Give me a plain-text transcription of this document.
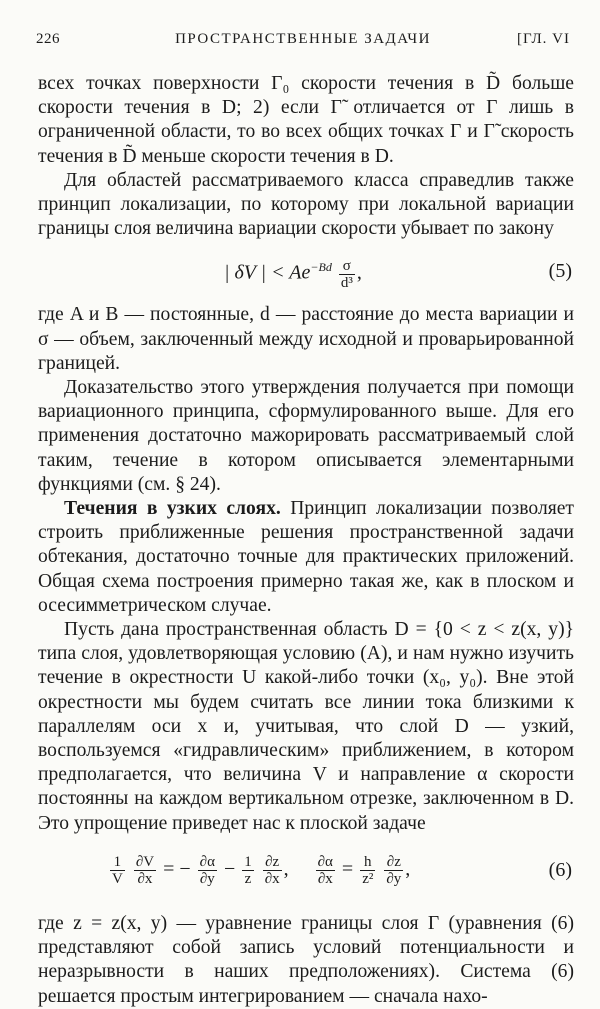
226	ПРОСТРАНСТВЕННЫЕ ЗАДАЧИ	[ГЛ. VI

всех точках поверхности Γ₀ скорости течения в D̃ больше скорости течения в D; 2) если Γ̃ отличается от Γ лишь в ограниченной области, то во всех общих точках Γ и Γ̃ скорость течения в D̃ меньше скорости течения в D.

Для областей рассматриваемого класса справедлив также принцип локализации, по которому при локальной вариации границы слоя величина вариации скорости убывает по закону

| δV | < $Ae^{-Bd} \frac{\sigma}{\text{d³}}$ ,	(5)

где A и B — постоянные, d — расстояние до места вариации и σ — объем, заключенный между исходной и проварьированной границей.

Доказательство этого утверждения получается при помощи вариационного принципа, сформулированного выше. Для его применения достаточно мажорировать рассматриваемый слой таким, течение в котором описывается элементарными функциями (см. § 24).

Течения в узких слоях. Принцип локализации позволяет строить приближенные решения пространственной задачи обтекания, достаточно точные для практических приложений. Общая схема построения примерно такая же, как в плоском и осесимметрическом случае.

Пусть дана пространственная область D = {0 < z < z(x, y)} типа слоя, удовлетворяющая условию (A), и нам нужно изучить течение в окрестности U какой-либо точки (x₀, y₀). Вне этой окрестности мы будем считать все линии тока близкими к параллелям оси x и, учитывая, что слой D — узкий, воспользуемся «гидравлическим» приближением, в котором предполагается, что величина V и направление α скорости постоянны на каждом вертикальном отрезке, заключенном в D. Это упрощение приведет нас к плоской задаче

$\frac{1}{V}$
$\frac{\partial V}{\partial x}$ = − $\frac{\partial\alpha}{\partial y} - \frac{1}{z}$
$\frac{\partial z}{\partial x}$ , $\frac{\partial\alpha}{\partial x} = \frac{h}{\text{z²}}$
$\frac{\partial z}{\partial y}$ ,	(6)

где z = z(x, y) — уравнение границы слоя Γ (уравнения (6) представляют собой запись условий потенциальности и неразрывности в наших предположениях). Система (6) решается простым интегрированием — сначала нахо-
